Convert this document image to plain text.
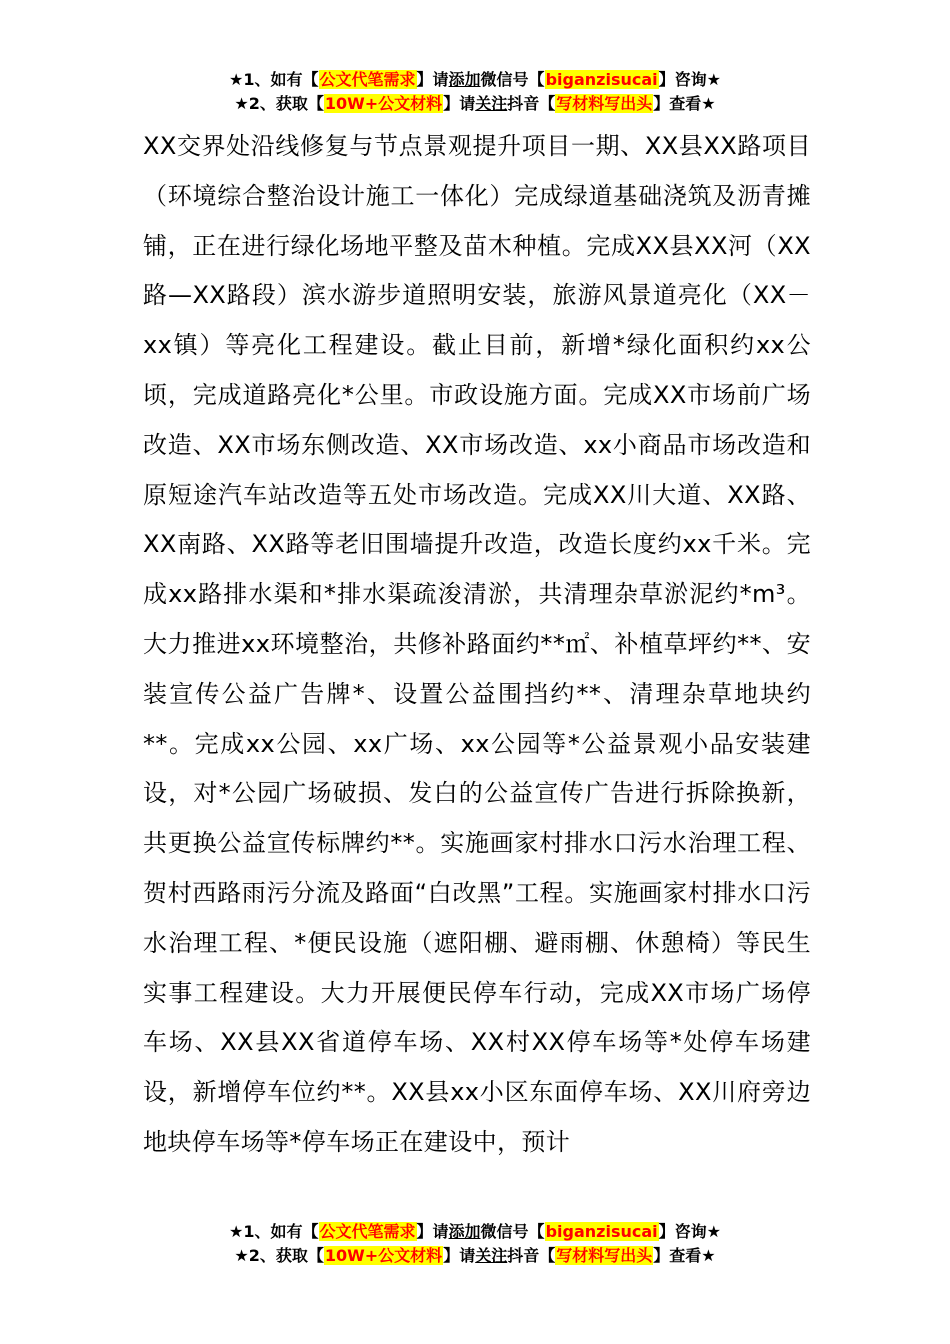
★1、如有【公文代笔需求】请添加微信号【biganzisucai】咨询★
★2、获取【10W+公文材料】请关注抖音【写材料写出头】查看★

XX交界处沿线修复与节点景观提升项目一期、XX县XX路项目（环境综合整治设计施工一体化）完成绿道基础浇筑及沥青摊铺，正在进行绿化场地平整及苗木种植。完成XX县XX河（XX路—XX路段）滨水游步道照明安装，旅游风景道亮化（XX－xx镇）等亮化工程建设。截止目前，新增*绿化面积约xx公顷，完成道路亮化*公里。市政设施方面。完成XX市场前广场改造、XX市场东侧改造、XX市场改造、xx小商品市场改造和原短途汽车站改造等五处市场改造。完成XX川大道、XX路、XX南路、XX路等老旧围墙提升改造，改造长度约xx千米。完成xx路排水渠和*排水渠疏浚清淤，共清理杂草淤泥约*m³。大力推进xx环境整治，共修补路面约**㎡、补植草坪约**、安装宣传公益广告牌*、设置公益围挡约**、清理杂草地块约**。完成xx公园、xx广场、xx公园等*公益景观小品安装建设，对*公园广场破损、发白的公益宣传广告进行拆除换新，共更换公益宣传标牌约**。实施画家村排水口污水治理工程、贺村西路雨污分流及路面“白改黑”工程。实施画家村排水口污水治理工程、*便民设施（遮阳棚、避雨棚、休憩椅）等民生实事工程建设。大力开展便民停车行动，完成XX市场广场停车场、XX县XX省道停车场、XX村XX停车场等*处停车场建设，新增停车位约**。XX县xx小区东面停车场、XX川府旁边地块停车场等*停车场正在建设中，预计

★1、如有【公文代笔需求】请添加微信号【biganzisucai】咨询★
★2、获取【10W+公文材料】请关注抖音【写材料写出头】查看★
